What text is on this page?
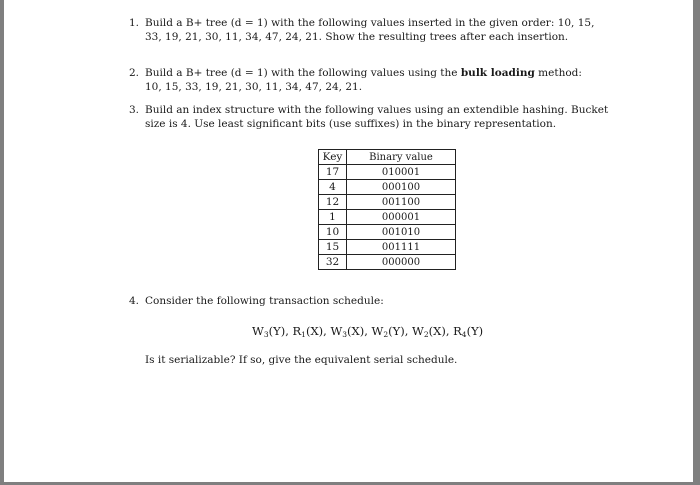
1. Build a B+ tree (d = 1) with the following values inserted in the given order: 10, 15,
33, 19, 21, 30, 11, 34, 47, 24, 21. Show the resulting trees after each insertion.
2. Build a B+ tree (d = 1) with the following values using the bulk loading method:
10, 15, 33, 19, 21, 30, 11, 34, 47, 24, 21.
3. Build an index structure with the following values using an extendible hashing. Bucket
size is 4. Use least significant bits (use suffixes) in the binary representation.
Key	Binary value
17	010001
4	000100
12	001100
1	000001
10	001010
15	001111
32	000000
4. Consider the following transaction schedule:
$W_3(Y)$, $R_1(X)$, $W_3(X)$, $W_2(Y)$, $W_2(X)$, $R_4(Y)$
Is it serializable? If so, give the equivalent serial schedule.
